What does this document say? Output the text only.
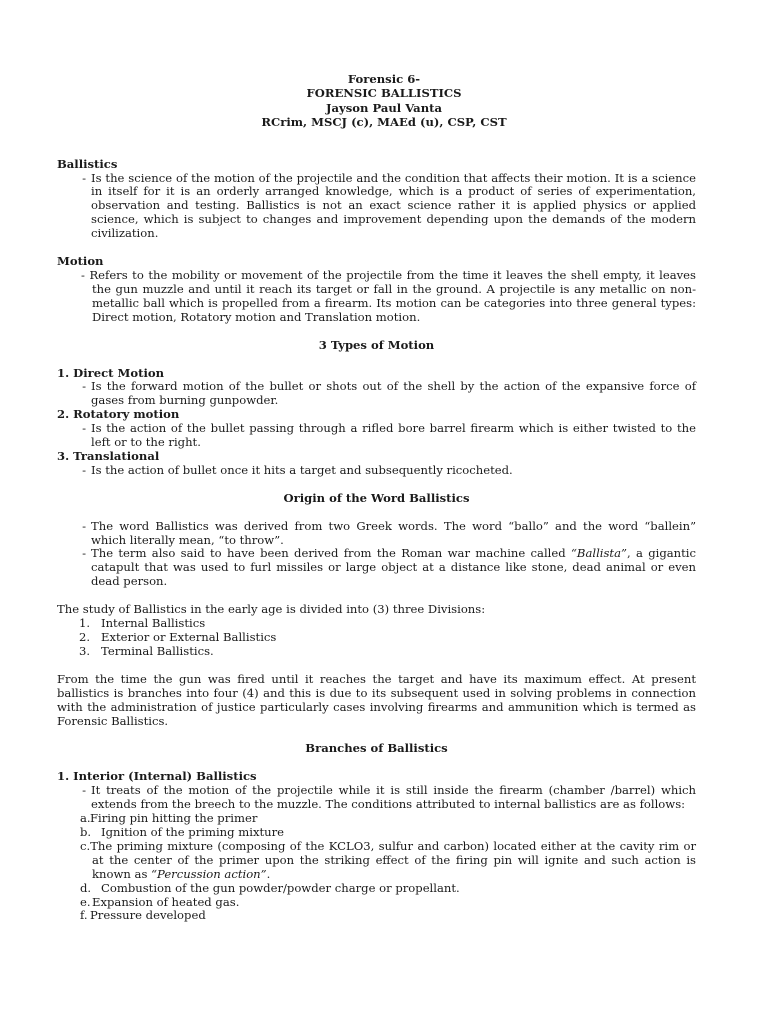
Forensic 6-
FORENSIC BALLISTICS
Jayson Paul Vanta
RCrim, MSCJ (c), MAEd (u), CSP, CST
Ballistics
- Is the science of the motion of the projectile and the condition that affects their motion. It is a science in itself for it is an orderly arranged knowledge, which is a product of series of experimentation, observation and testing. Ballistics is not an exact science rather it is applied physics or applied science, which is subject to changes and improvement depending upon the demands of the modern civilization.
Motion
- Refers to the mobility or movement of the projectile from the time it leaves the shell empty, it leaves the gun muzzle and until it reach its target or fall in the ground. A projectile is any metallic on non-metallic ball which is propelled from a firearm. Its motion can be categories into three general types: Direct motion, Rotatory motion and Translation motion.
3 Types of Motion
1. Direct Motion
- Is the forward motion of the bullet or shots out of the shell by the action of the expansive force of gases from burning gunpowder.
2. Rotatory motion
- Is the action of the bullet passing through a rifled bore barrel firearm which is either twisted to the left or to the right.
3. Translational
- Is the action of bullet once it hits a target and subsequently ricocheted.
Origin of the Word Ballistics
- The word Ballistics was derived from two Greek words. The word “ballo” and the word “ballein” which literally mean, “to throw”.
- The term also said to have been derived from the Roman war machine called “Ballista”, a gigantic catapult that was used to furl missiles or large object at a distance like stone, dead animal or even dead person.
The study of Ballistics in the early age is divided into (3) three Divisions:
1. Internal Ballistics
2. Exterior or External Ballistics
3. Terminal Ballistics.
From the time the gun was fired until it reaches the target and have its maximum effect. At present ballistics is branches into four (4) and this is due to its subsequent used in solving problems in connection with the administration of justice particularly cases involving firearms and ammunition which is termed as Forensic Ballistics.
Branches of Ballistics
1. Interior (Internal) Ballistics
- It treats of the motion of the projectile while it is still inside the firearm (chamber /barrel) which extends from the breech to the muzzle. The conditions attributed to internal ballistics are as follows:
a. Firing pin hitting the primer
b. Ignition of the priming mixture
c.The priming mixture (composing of the KCLO3, sulfur and carbon) located either at the cavity rim or at the center of the primer upon the striking effect of the firing pin will ignite and such action is known as “Percussion action”.
d. Combustion of the gun powder/powder charge or propellant.
e. Expansion of heated gas.
f. Pressure developed
